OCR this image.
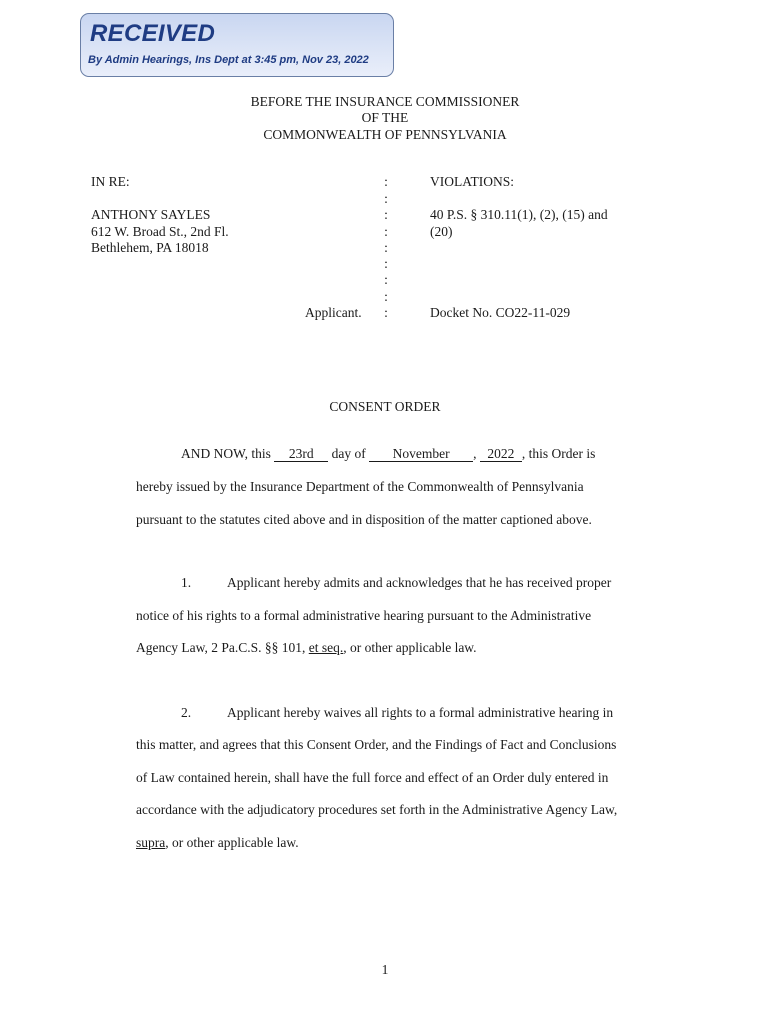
RECEIVED
By Admin Hearings, Ins Dept at 3:45 pm, Nov 23, 2022
BEFORE THE INSURANCE COMMISSIONER
OF THE
COMMONWEALTH OF PENNSYLVANIA
IN RE:
ANTHONY SAYLES
612 W. Broad St., 2nd Fl.
Bethlehem, PA 18018
Applicant.
:
:
:
:
:
:
:
:
:
VIOLATIONS:
40 P.S. § 310.11(1), (2), (15) and
(20)
Docket No. CO22-11-029
CONSENT ORDER
AND NOW, this 23rd day of November , 2022 , this Order is
hereby issued by the Insurance Department of the Commonwealth of Pennsylvania
pursuant to the statutes cited above and in disposition of the matter captioned above.
1.	Applicant hereby admits and acknowledges that he has received proper
notice of his rights to a formal administrative hearing pursuant to the Administrative
Agency Law, 2 Pa.C.S. §§ 101, et seq., or other applicable law.
2.	Applicant hereby waives all rights to a formal administrative hearing in
this matter, and agrees that this Consent Order, and the Findings of Fact and Conclusions
of Law contained herein, shall have the full force and effect of an Order duly entered in
accordance with the adjudicatory procedures set forth in the Administrative Agency Law,
supra, or other applicable law.
1
